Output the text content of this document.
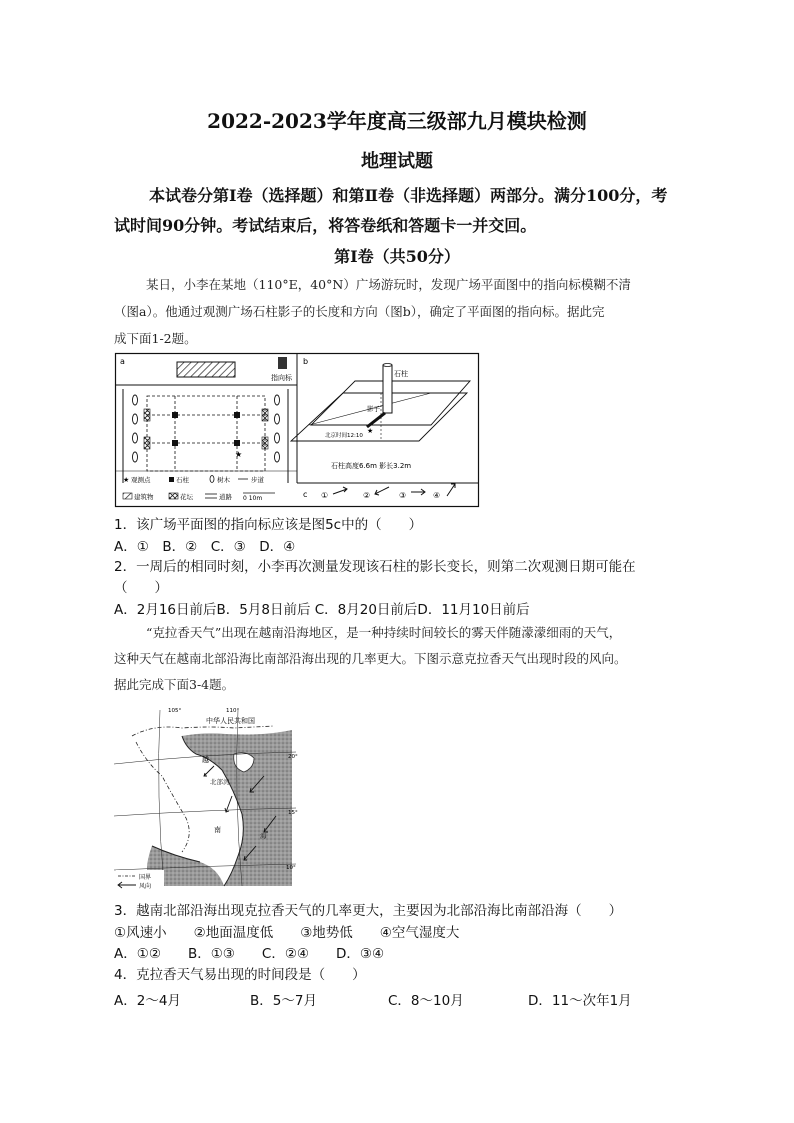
2022-2023学年度高三级部九月模块检测
地理试题
本试卷分第Ⅰ卷（选择题）和第Ⅱ卷（非选择题）两部分。满分100分，考
试时间90分钟。考试结束后，将答卷纸和答题卡一并交回。
第Ⅰ卷（共50分）
某日，小李在某地（110°E，40°N）广场游玩时，发现广场平面图中的指向标模糊不清
（图a）。他通过观测广场石柱影子的长度和方向（图b），确定了平面图的指向标。据此完
成下面1-2题。
a
指向标
★
★ 观测点	石柱	树木	步道
建筑物	花坛	道路 0 10m
b
石柱
影子
★
北京时间12:10
石柱高度6.6m 影长3.2m
c ①	②	③	④
1．该广场平面图的指向标应该是图5c中的（　　）
A．①　B．②　C．③　D．④
2．一周后的相同时刻，小李再次测量发现该石柱的影长变长，则第二次观测日期可能在
（　　）
A．2月16日前后B．5月8日前后 C．8月20日前后D．11月10日前后
“克拉香天气”出现在越南沿海地区，是一种持续时间较长的雾天伴随濛濛细雨的天气，
这种天气在越南北部沿海比南部沿海出现的几率更大。下图示意克拉香天气出现时段的风向。
据此完成下面3-4题。
105°	110°
中华人民共和国
20°
15°
10°
越
南
北部湾
海
国界
风向
3．越南北部沿海出现克拉香天气的几率更大，主要因为北部沿海比南部沿海（　　）
①风速小　　②地面温度低　　③地势低　　④空气湿度大
A．①②　　B．①③　　C．②④　　D．③④
4．克拉香天气易出现的时间段是（　　）
A．2～4月	B．5～7月	C．8～10月	D．11～次年1月
